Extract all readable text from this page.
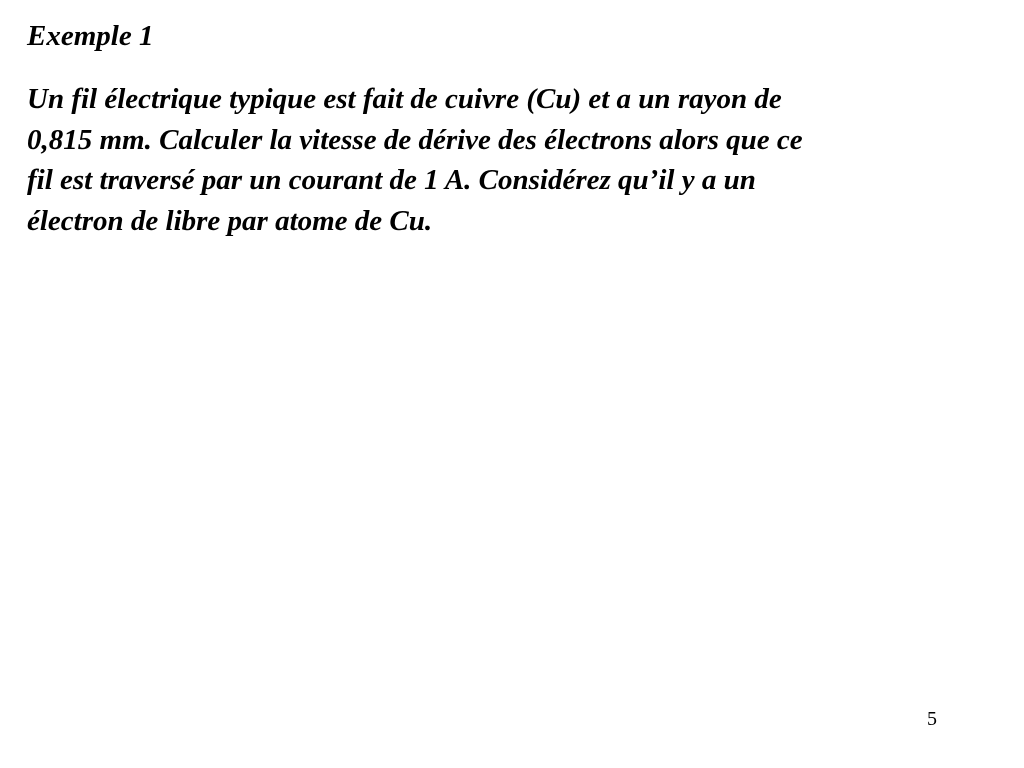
Exemple 1
Un fil électrique typique est fait de cuivre (Cu) et a un rayon de
0,815 mm. Calculer la vitesse de dérive des électrons alors que ce
fil est traversé par un courant de 1 A. Considérez qu’il y a un
électron de libre par atome de Cu.
5
